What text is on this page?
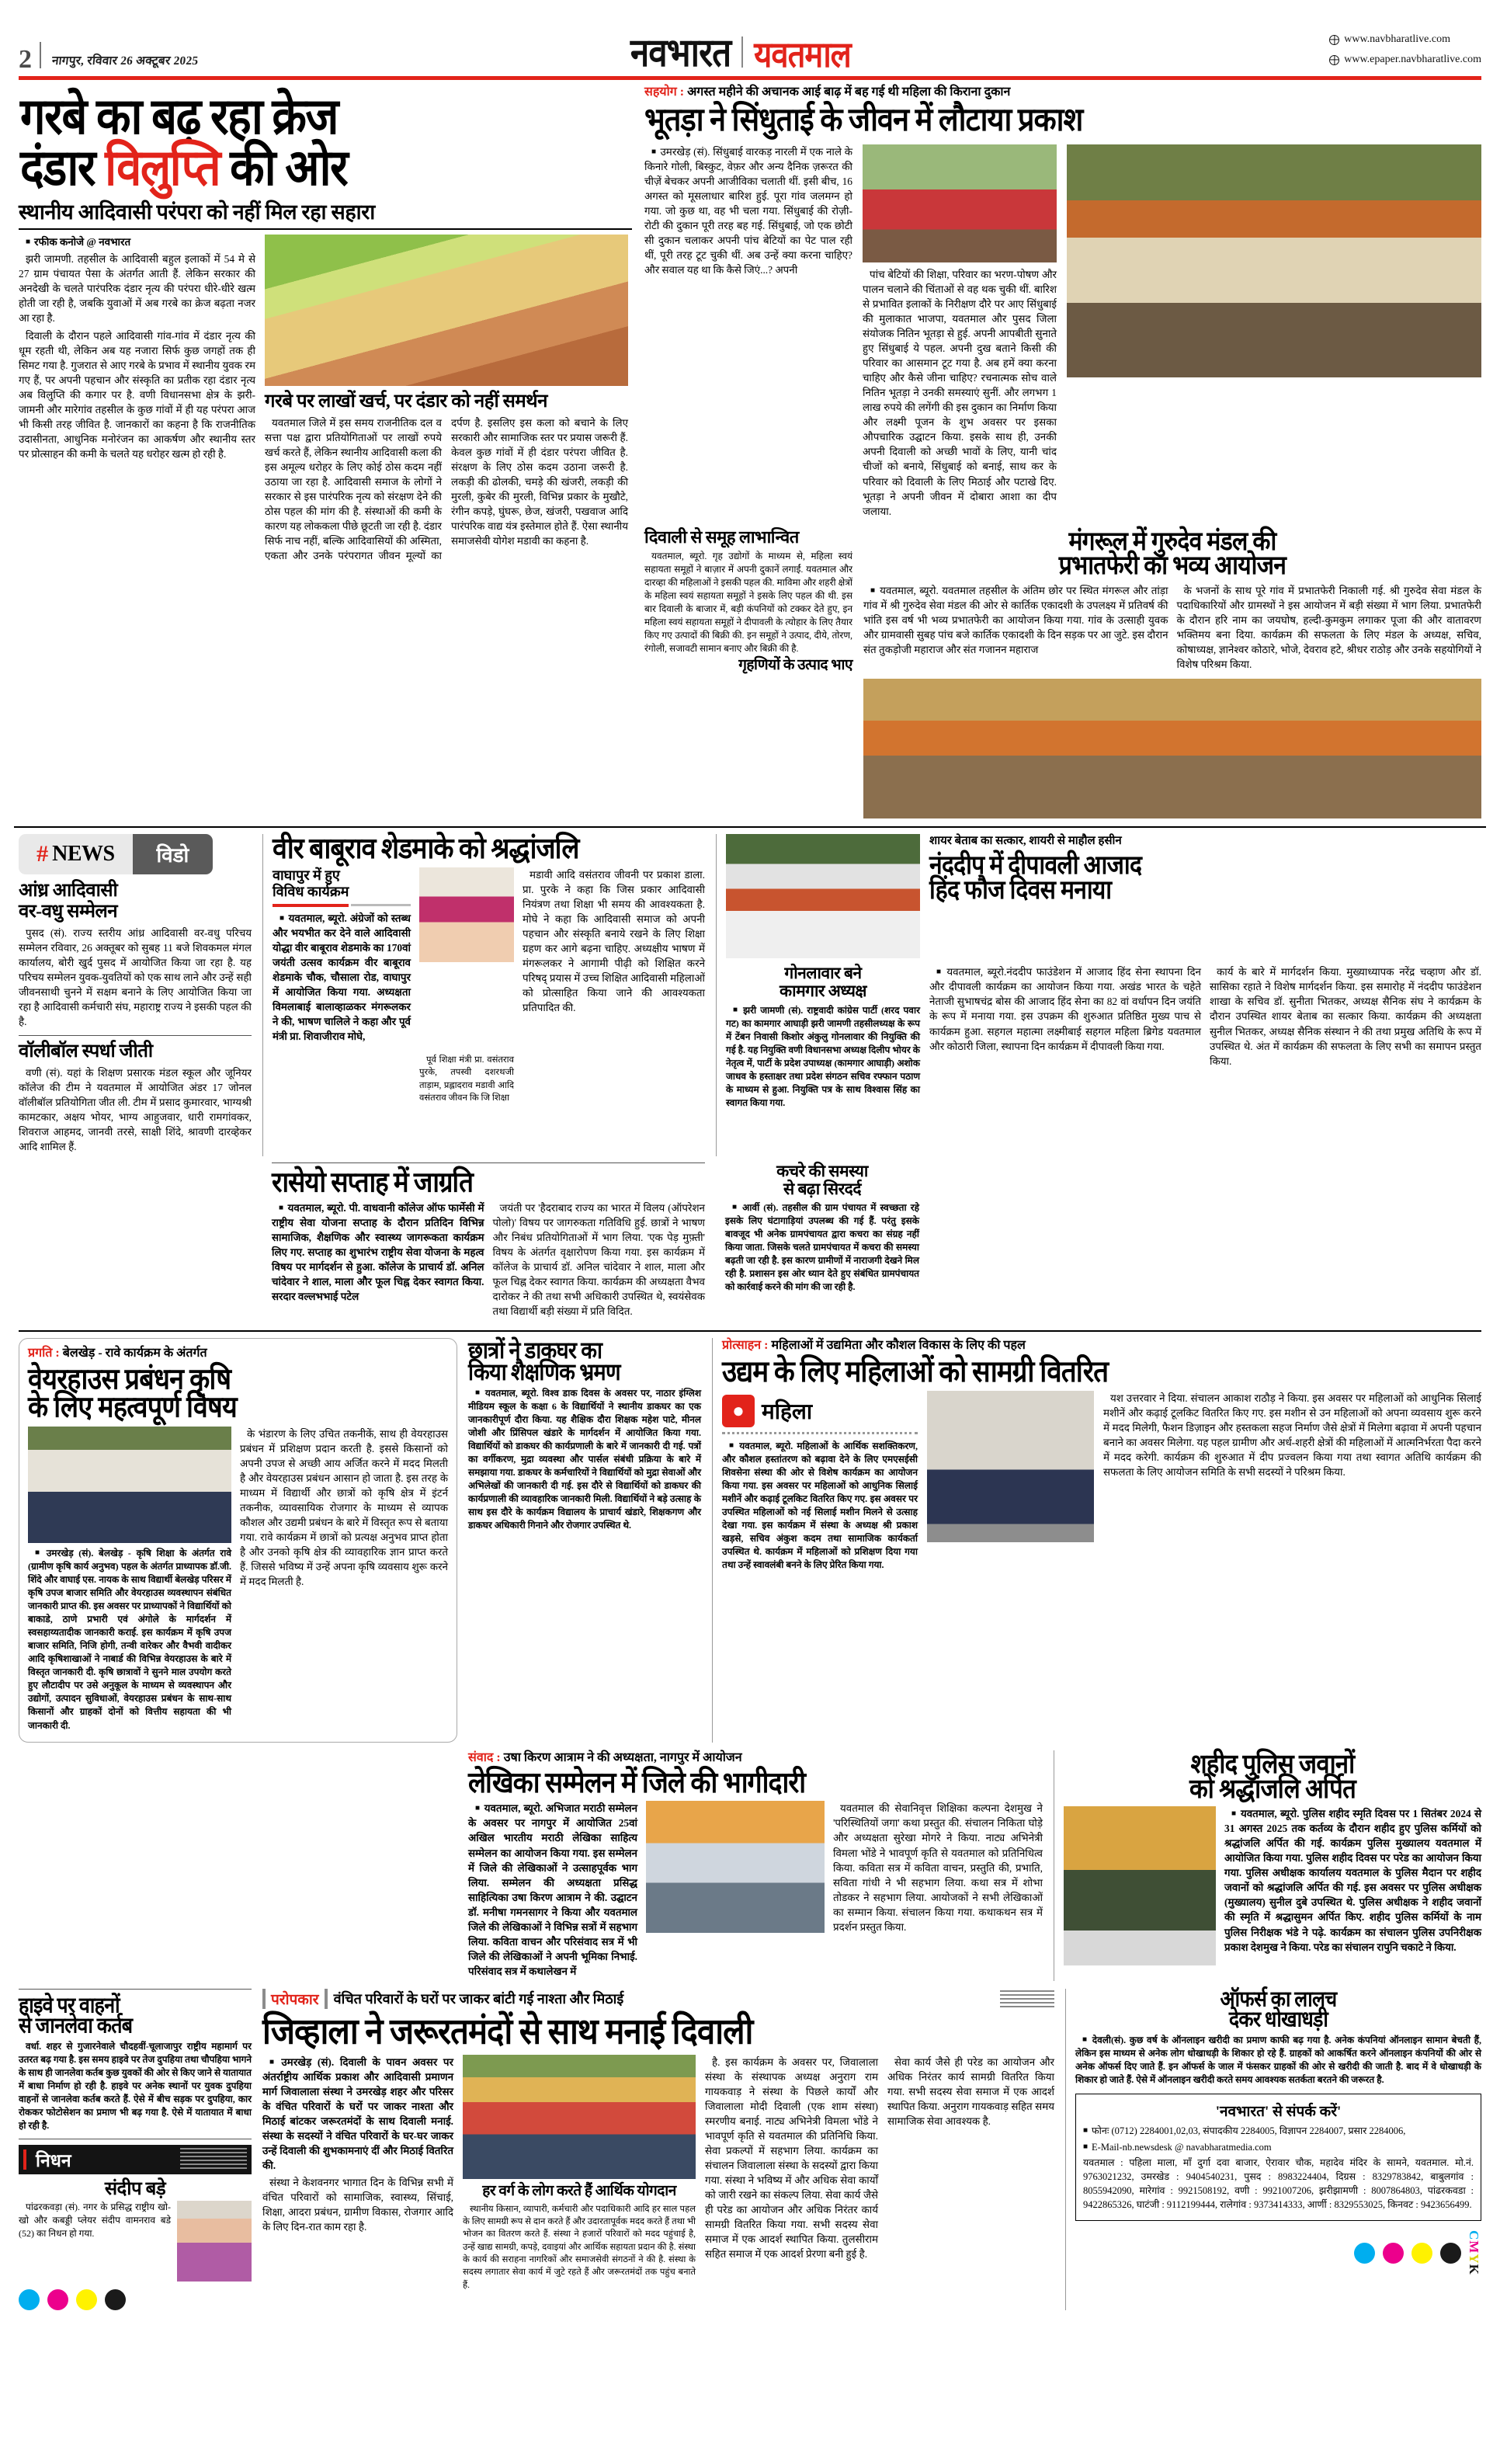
2 नागपुर, रविवार 26 अक्टूबर 2025	नवभारत यवतमाल	www.navbharatlive.com
www.epaper.navbharatlive.com
गरबे का बढ़ रहा क्रेज
दंडार विलुप्ति की ओर
स्थानीय आदिवासी परंपरा को नहीं मिल रहा सहारा

■ रफीक कनोजे @ नवभारत

झरी जामणी. तहसील के आदिवासी बहुल इलाकों में 54 मे से 27 ग्राम पंचायत पेसा के अंतर्गत आती हैं. लेकिन सरकार की अनदेखी के चलते पारंपरिक दंडार नृत्य की परंपरा धीरे-धीरे खत्म होती जा रही है, जबकि युवाओं में अब गरबे का क्रेज बढ़ता नजर आ रहा है.

दिवाली के दौरान पहले आदिवासी गांव-गांव में दंडार नृत्य की धूम रहती थी, लेकिन अब यह नजारा सिर्फ कुछ जगहों तक ही सिमट गया है. गुजरात से आए गरबे के प्रभाव में स्थानीय युवक रम गए हैं, पर अपनी पहचान और संस्कृति का प्रतीक रहा दंडार नृत्य अब विलुप्ति की कगार पर है. वणी विधानसभा क्षेत्र के झरी-जामनी और मारेगांव तहसील के कुछ गांवों में ही यह परंपरा आज भी किसी तरह जीवित है. जानकारों का कहना है कि राजनीतिक उदासीनता, आधुनिक मनोरंजन का आकर्षण और स्थानीय स्तर पर प्रोत्साहन की कमी के चलते यह धरोहर खत्म हो रही है.

गरबे पर लाखों खर्च, पर दंडार को नहीं समर्थन

यवतमाल जिले में इस समय राजनीतिक दल व सत्ता पक्ष द्वारा प्रतियोगिताओं पर लाखों रुपये खर्च करते हैं, लेकिन स्थानीय आदिवासी कला की इस अमूल्य धरोहर के लिए कोई ठोस कदम नहीं उठाया जा रहा है. आदिवासी समाज के लोगों ने सरकार से इस पारंपरिक नृत्य को संरक्षण देने की ठोस पहल की मांग की है. संस्थाओं की कमी के कारण यह लोककला पीछे छूटती जा रही है. दंडार सिर्फ नाच नहीं, बल्कि आदिवासियों की अस्मिता, एकता और उनके परंपरागत जीवन मूल्यों का दर्पण है. इसलिए इस कला को बचाने के लिए सरकारी और सामाजिक स्तर पर प्रयास जरूरी हैं. केवल कुछ गांवों में ही दंडार परंपरा जीवित है. संरक्षण के लिए ठोस कदम उठाना जरूरी है. लकड़ी की ढोलकी, चमड़े की खंजरी, लकड़ी की मुरली, कुबेर की मुरली, विभिन्न प्रकार के मुखौटे, रंगीन कपड़े, घुंघरू, छेज, खंजरी, पखवाज आदि पारंपरिक वाद्य यंत्र इस्तेमाल होते हैं. ऐसा स्थानीय समाजसेवी योगेश मडावी का कहना है.

सहयोग : अगस्त महीने की अचानक आई बाढ़ में बह गई थी महिला की किराना दुकान
भूतड़ा ने सिंधुताई के जीवन में लौटाया प्रकाश

■ उमरखेड़ (सं). सिंधुबाई वारकड़ नारली में एक नाले के किनारे गोली, बिस्कुट, वेफ़र और अन्य दैनिक ज़रूरत की चीज़ें बेचकर अपनी आजीविका चलाती थीं. इसी बीच, 16 अगस्त को मूसलाधार बारिश हुई. पूरा गांव जलमग्न हो गया. जो कुछ था, वह भी चला गया. सिंधुबाई की रोज़ी-रोटी की दुकान पूरी तरह बह गई. सिंधुबाई, जो एक छोटी सी दुकान चलाकर अपनी पांच बेटियों का पेट पाल रही थीं, पूरी तरह टूट चुकी थीं. अब उन्हें क्या करना चाहिए? और सवाल यह था कि कैसे जिएं...? अपनी	पांच बेटियों की शिक्षा, परिवार का भरण-पोषण और पालन चलाने की चिंताओं से वह थक चुकी थीं. बारिश से प्रभावित इलाकों के निरीक्षण दौरे पर आए सिंधुबाई की मुलाकात भाजपा, यवतमाल और पुसद जिला संयोजक नितिन भूतड़ा से हुई. अपनी आपबीती सुनाते हुए सिंधुबाई ये पहल. अपनी दुख बताने किसी की परिवार का आसमान टूट गया है. अब हमें क्या करना चाहिए और कैसे जीना चाहिए? रचनात्मक सोच वाले नितिन भूतड़ा ने उनकी समस्याएं सुनीं. और लगभग 1 लाख रुपये की लगेंगी की इस दुकान का निर्माण किया और लक्ष्मी पूजन के शुभ अवसर पर इसका औपचारिक उद्घाटन किया. इसके साथ ही, उनकी अपनी दिवाली को अच्छी भावों के लिए, यानी चांद चीजों को बनाये, सिंधुबाई को बनाई, साथ कर के परिवार को दिवाली के लिए मिठाई और पटाखे दिए. भूतड़ा ने अपनी जीवन में दोबारा आशा का दीप जलाया.

दिवाली से समूह लाभान्वित

यवतमाल, ब्यूरो. गृह उद्योगों के माध्यम से, महिला स्वयं सहायता समूहों ने बाज़ार में अपनी दुकानें लगाईं. यवतमाल और दारव्हा की महिलाओं ने इसकी पहल की. माविमा और शहरी क्षेत्रों के महिला स्वयं सहायता समूहों ने इसके लिए पहल की थी. इस बार दिवाली के बाजार में, बड़ी कंपनियों को टक्कर देते हुए, इन महिला स्वयं सहायता समूहों ने दीपावली के त्योहार के लिए तैयार किए गए उत्पादों की बिक्री की. इन समूहों ने उत्पाद, दीये, तोरण, रंगोली, सजावटी सामान बनाए और बिक्री की है.

गृहणियों के उत्पाद भाए
मंगरूल में गुरुदेव मंडल की
प्रभातफेरी का भव्य आयोजन

■ यवतमाल, ब्यूरो. यवतमाल तहसील के अंतिम छोर पर स्थित मंगरूल और तांड़ा गांव में श्री गुरुदेव सेवा मंडल की ओर से कार्तिक एकादशी के उपलक्ष्य में प्रतिवर्ष की भांति इस वर्ष भी भव्य प्रभातफेरी का आयोजन किया गया. गांव के उत्साही युवक और ग्रामवासी सुबह पांच बजे कार्तिक एकादशी के दिन सड़क पर आ जुटे. इस दौरान संत तुकड़ोजी महाराज और संत गजानन महाराज

के भजनों के साथ पूरे गांव में प्रभातफेरी निकाली गई. श्री गुरुदेव सेवा मंडल के पदाधिकारियों और ग्रामस्थों ने इस आयोजन में बड़ी संख्या में भाग लिया. प्रभातफेरी के दौरान हरि नाम का जयघोष, हल्दी-कुमकुम लगाकर पूजा की और वातावरण भक्तिमय बना दिया. कार्यक्रम की सफलता के लिए मंडल के अध्यक्ष, सचिव, कोषाध्यक्ष, ज्ञानेश्वर कोठारे, भोजे, देवराव हटे, श्रीधर राठोड़ और उनके सहयोगियों ने विशेष परिश्रम किया.

# NEWS	विडो
आंध्र आदिवासी
वर-वधु सम्मेलन

पुसद (सं). राज्य स्तरीय आंध्र आदिवासी वर-वधु परिचय सम्मेलन रविवार, 26 अक्तूबर को सुबह 11 बजे शिवकमल मंगल कार्यालय, बोरी खुर्द पुसद में आयोजित किया जा रहा है. यह परिचय सम्मेलन युवक-युवतियों को एक साथ लाने और उन्हें सही जीवनसाथी चुनने में सक्षम बनाने के लिए आयोजित किया जा रहा है आदिवासी कर्मचारी संघ, महाराष्ट्र राज्य ने इसकी पहल की है.

वॉलीबॉल स्पर्धा जीती

वणी (सं). यहां के शिक्षण प्रसारक मंडल स्कूल और जूनियर कॉलेज की टीम ने यवतमाल में आयोजित अंडर 17 जोनल वॉलीबॉल प्रतियोगिता जीत ली. टीम में प्रसाद कुमारवार, भाग्यश्री कामटकार, अक्षय भोयर, भाग्य आहुजवार, धारी रामगांवकर, शिवराज आहमद, जानवी तरसे, साक्षी शिंदे, श्रावणी दारव्हेकर आदि शामिल हैं.

वीर बाबूराव शेडमाके को श्रद्धांजलि
वाघापुर में हुए
विविध कार्यक्रम

■ यवतमाल, ब्यूरो. अंग्रेजों को स्तब्ध और भयभीत कर देने वाले आदिवासी योद्धा वीर बाबूराव शेडमाके का 170वां जयंती उत्सव कार्यक्रम वीर बाबूराव शेडमाके चौक, चौसाला रोड, वाघापुर में आयोजित किया गया. अध्यक्षता विमलाबाई बालाव्हाळकर मंगरूलकर ने की, भाषण चालिले ने कहा और पूर्व मंत्री प्रा. शिवाजीराव मोघे,

पूर्व शिक्षा मंत्री प्रा. वसंतराव पुरके, तपस्वी दशरथजी ताड़ाम, प्रह्लादराव मडावी आदि वसंतराव जीवन कि जि शिक्षा

मडावी आदि वसंतराव जीवनी पर प्रकाश डाला. प्रा. पुरके ने कहा कि जिस प्रकार आदिवासी नियंत्रण तथा शिक्षा भी समय की आवश्यकता है. मोघे ने कहा कि आदिवासी समाज को अपनी पहचान और संस्कृति बनाये रखने के लिए शिक्षा ग्रहण कर आगे बढ़ना चाहिए. अध्यक्षीय भाषण में मंगरूलकर ने आगामी पीढ़ी को शिक्षित करने परिषद् प्रयास में उच्च शिक्षित आदिवासी महिलाओं को प्रोत्साहित किया जाने की आवश्यकता प्रतिपादित की.

शायर बेताब का सत्कार, शायरी से माहौल हसीन
नंददीप में दीपावली आजाद
हिंद फौज दिवस मनाया
गोनलावार बने
कामगार अध्यक्ष

■ झरी जामणी (सं). राष्ट्रवादी कांग्रेस पार्टी (शरद पवार गट) का कामगार आघाड़ी झरी जामणी तहसीलध्यक्ष के रूप में टेंबन निवासी किशोर अंकुलु गोनलावार की नियुक्ति की गई है. यह नियुक्ति वणी विधानसभा अध्यक्ष दिलीप भोयर के नेतृत्व में, पार्टी के प्रदेश उपाध्यक्ष (कामगार आघाड़ी) अशोक जाधव के हस्ताक्षर तथा प्रदेश संगठन सचिव रफ्फान पठाण के माध्यम से हुआ. नियुक्ति पत्र के साथ विश्वास सिंह का स्वागत किया गया.

■ यवतमाल, ब्यूरो.नंददीप फाउंडेशन में आजाद हिंद सेना स्थापना दिन और दीपावली कार्यक्रम का आयोजन किया गया. अखंड भारत के चहेते नेताजी सुभाषचंद्र बोस की आजाद हिंद सेना का 82 वां वर्धापन दिन जयंति के रूप में मनाया गया. इस उपक्रम की शुरुआत प्रतिष्ठित मुख्य पाच से कार्यक्रम हुआ. सहगल महात्मा लक्ष्मीबाई सहगल महिला ब्रिगेड यवतमाल और कोठारी जिला, स्थापना दिन कार्यक्रम में दीपावली किया गया.

कार्य के बारे में मार्गदर्शन किया. मुख्याध्यापक नरेंद्र चव्हाण और डॉ. सासिका रहाते ने विशेष मार्गदर्शन किया. इस समारोह में नंददीप फाउंडेशन शाखा के सचिव डॉ. सुनीता भितकर, अध्यक्ष सैनिक संघ ने कार्यक्रम के दौरान उपस्थित शायर बेताब का सत्कार किया. कार्यक्रम की अध्यक्षता सुनील भितकर, अध्यक्ष सैनिक संस्थान ने की तथा प्रमुख अतिथि के रूप में उपस्थित थे. अंत में कार्यक्रम की सफलता के लिए सभी का समापन प्रस्तुत किया.

रासेयो सप्ताह में जाग्रति

■ यवतमाल, ब्यूरो. पी. वाधवानी कॉलेज ऑफ फार्मेसी में राष्ट्रीय सेवा योजना सप्ताह के दौरान प्रतिदिन विभिन्न सामाजिक, शैक्षणिक और स्वास्थ्य जागरूकता कार्यक्रम लिए गए. सप्ताह का शुभारंभ राष्ट्रीय सेवा योजना के महत्व विषय पर मार्गदर्शन से हुआ. कॉलेज के प्राचार्य डॉ. अनिल चांदेवार ने शाल, माला और फूल चिह्न देकर स्वागत किया. सरदार वल्लभभाई पटेल

जयंती पर 'हैदराबाद राज्य का भारत में विलय (ऑपरेशन पोलो)' विषय पर जागरुकता गतिविधि हुई. छात्रों ने भाषण और निबंध प्रतियोगिताओं में भाग लिया. 'एक पेड़ मुफ़्ती' विषय के अंतर्गत वृक्षारोपण किया गया. इस कार्यक्रम में कॉलेज के प्राचार्य डॉ. अनिल चांदेवार ने शाल, माला और फूल चिह्न देकर स्वागत किया. कार्यक्रम की अध्यक्षता वैभव दारोकर ने की तथा सभी अधिकारी उपस्थित थे, स्वयंसेवक तथा विद्यार्थी बड़ी संख्या में प्रति विदित.

कचरे की समस्या
से बढ़ा सिरदर्द

■ आर्वी (सं). तहसील की ग्राम पंचायत में स्वच्छता रहे इसके लिए घंटागाड़ियां उपलब्ध की गई हैं. परंतु इसके बावजूद भी अनेक ग्रामपंचायत द्वारा कचरा का संग्रह नहीं किया जाता. जिसके चलते ग्रामपंचायत में कचरा की समस्या बढ़ती जा रही है. इस कारण ग्रामीणों में नाराजगी देखने मिल रही है. प्रशासन इस ओर ध्यान देते हुए संबंधित ग्रामपंचायत को कार्रवाई करने की मांग की जा रही है.

प्रगति : बेलखेड़ - रावे कार्यक्रम के अंतर्गत
वेयरहाउस प्रबंधन कृषि
के लिए महत्वपूर्ण विषय

■ उमरखेड़ (सं). बेलखेड़ - कृषि शिक्षा के अंतर्गत रावे (ग्रामीण कृषि कार्य अनुभव) पहल के अंतर्गत प्राध्यापक डॉ.जी. शिंदे और वाघाई एस. नायक के साथ विद्यार्थी बेलखेड़ परिसर में कृषि उपज बाजार समिति और वेयरहाउस व्यवस्थापन संबंधित जानकारी प्राप्त की. इस अवसर पर प्राध्यापकों ने विद्यार्थियों को बाकाडे, ठाणे प्रभारी एवं अंगोले के मार्गदर्शन में स्वसहाय्यतादीक जानकारी कराई. इस कार्यक्रम में कृषि उपज बाजार समिति, निजि होगी, तन्वी वारेकर और वैभवी वादीकर आदि कृषिशाखाओं ने नाबार्ड की विभिन्न वेयरहाउस के बारे में विस्तृत जानकारी दी. कृषि छात्रावों ने सुनने माल उपयोग करते हुए लौटादीप पर उसे अनुकूल के माध्यम से व्यवस्थापन और उद्योगों, उत्पादन सुविधाओं, वेयरहाउस प्रबंधन के साथ-साथ किसानों और ग्राहकों दोनों को वित्तीय सहायता की भी जानकारी दी.

के भंडारण के लिए उचित तकनीकें, साथ ही वेयरहाउस प्रबंधन में प्रशिक्षण प्रदान करती है. इससे किसानों को अपनी उपज से अच्छी आय अर्जित करने में मदद मिलती है और वेयरहाउस प्रबंधन आसान हो जाता है. इस तरह के माध्यम में विद्यार्थी और छात्रों को कृषि क्षेत्र में इंटर्न तकनीक, व्यावसायिक रोजगार के माध्यम से व्यापक कौशल और उद्यमी प्रबंधन के बारे में विस्तृत रूप से बताया गया. रावे कार्यक्रम में छात्रों को प्रत्यक्ष अनुभव प्राप्त होता है और उनको कृषि क्षेत्र की व्यावहारिक ज्ञान प्राप्त करते हैं. जिससे भविष्य में उन्हें अपना कृषि व्यवसाय शुरू करने में मदद मिलती है.

छात्रों ने डाकघर का
किया शैक्षणिक भ्रमण

■ यवतमाल, ब्यूरो. विश्व डाक दिवस के अवसर पर, नाठार इंग्लिश मीडियम स्कूल के कक्षा 6 के विद्यार्थियों ने स्थानीय डाकघर का एक जानकारीपूर्ण दौरा किया. यह शैक्षिक दौरा शिक्षक महेश पाटे, मीनल जोशी और प्रिंसिपल खंडारे के मार्गदर्शन में आयोजित किया गया. विद्यार्थियों को डाकघर की कार्यप्रणाली के बारे में जानकारी दी गई. पत्रों का वर्गीकरण, मुद्रा व्यवस्था और पार्सल संबंधी प्रक्रिया के बारे में समझाया गया. डाकघर के कर्मचारियों ने विद्यार्थियों को मुद्रा सेवाओं और अभिलेखों की जानकारी दी गई. इस दौरे से विद्यार्थियों को डाकघर की कार्यप्रणाली की व्यावहारिक जानकारी मिली. विद्यार्थियों ने बड़े उत्साह के साथ इस दौरे के कार्यक्रम विद्यालय के प्राचार्य खंडारे, शिक्षकगण और डाकघर अधिकारी गिनाने और रोजगार उपस्थित थे.

प्रोत्साहन : महिलाओं में उद्यमिता और कौशल विकास के लिए की पहल
उद्यम के लिए महिलाओं को सामग्री वितरित
● महिला

■ यवतमाल, ब्यूरो. महिलाओं के आर्थिक सशक्तिकरण, और कौशल हस्तांतरण को बढ़ावा देने के लिए एमएसईसी शिवसेना संस्था की ओर से विशेष कार्यक्रम का आयोजन किया गया. इस अवसर पर महिलाओं को आधुनिक सिलाई मशीनें और कढ़ाई टूलकिट वितरित किए गए. इस अवसर पर उपस्थित महिलाओं को नई सिलाई मशीन मिलने से उत्साह देखा गया. इस कार्यक्रम में संस्था के अध्यक्ष श्री प्रकाश खड़से, सचिव अंकुश कदम तथा सामाजिक कार्यकर्ता उपस्थित थे. कार्यक्रम में महिलाओं को प्रशिक्षण दिया गया तथा उन्हें स्वावलंबी बनने के लिए प्रेरित किया गया.

यश उत्तरवार ने दिया. संचालन आकाश राठौड़ ने किया. इस अवसर पर महिलाओं को आधुनिक सिलाई मशीनें और कढ़ाई टूलकिट वितरित किए गए. इस मशीन से उन महिलाओं को अपना व्यवसाय शुरू करने में मदद मिलेगी, फैशन डिज़ाइन और हस्तकला सहज निर्माण जैसे क्षेत्रों में मिलेगा बढ़ावा में अपनी पहचान बनाने का अवसर मिलेगा. यह पहल ग्रामीण और अर्ध-शहरी क्षेत्रों की महिलाओं में आत्मनिर्भरता पैदा करने में मदद करेगी. कार्यक्रम की शुरुआत में दीप प्रज्वलन किया गया तथा स्वागत अतिथि कार्यक्रम की सफलता के लिए आयोजन समिति के सभी सदस्यों ने परिश्रम किया.

संवाद : उषा किरण आत्राम ने की अध्यक्षता, नागपुर में आयोजन
लेखिका सम्मेलन में जिले की भागीदारी

■ यवतमाल, ब्यूरो. अभिजात मराठी सम्मेलन के अवसर पर नागपुर में आयोजित 25वां अखिल भारतीय मराठी लेखिका साहित्य सम्मेलन का आयोजन किया गया. इस सम्मेलन में जिले की लेखिकाओं ने उत्साहपूर्वक भाग लिया. सम्मेलन की अध्यक्षता प्रसिद्ध साहित्यिका उषा किरण आत्राम ने की. उद्घाटन डॉ. मनीषा गमनसागर ने किया और यवतमाल जिले की लेखिकाओं ने विभिन्न सत्रों में सहभाग लिया. कविता वाचन और परिसंवाद सत्र में भी जिले की लेखिकाओं ने अपनी भूमिका निभाई. परिसंवाद सत्र में कथालेखन में

यवतमाल की सेवानिवृत्त शिक्षिका कल्पना देशमुख ने 'परिस्थितियों जगा' कथा प्रस्तुत की. संचालन निकिता घोड़े और अध्यक्षता सुरेखा मोगरे ने किया. नाट्य अभिनेत्री विमला भोंडे ने भावपूर्ण कृति से यवतमाल को प्रतिनिधित्व किया. कविता सत्र में कविता वाचन, प्रस्तुति की, प्रभाति, सविता गांधी ने भी सहभाग लिया. कथा सत्र में शोभा तोडकर ने सहभाग लिया. आयोजकों ने सभी लेखिकाओं का सम्मान किया. संचालन किया गया. कथाकथन सत्र में प्रदर्शन प्रस्तुत किया.

शहीद पुलिस जवानों
को श्रद्धांजलि अर्पित

■ यवतमाल, ब्यूरो. पुलिस शहीद स्मृति दिवस पर 1 सितंबर 2024 से 31 अगस्त 2025 तक कर्तव्य के दौरान शहीद हुए पुलिस कर्मियों को श्रद्धांजलि अर्पित की गई. कार्यक्रम पुलिस मुख्यालय यवतमाल में आयोजित किया गया. पुलिस शहीद दिवस पर परेड का आयोजन किया गया. पुलिस अधीक्षक कार्यालय यवतमाल के पुलिस मैदान पर शहीद जवानों को श्रद्धांजलि अर्पित की गई. इस अवसर पर पुलिस अधीक्षक (मुख्यालय) सुनील दुबे उपस्थित थे. पुलिस अधीक्षक ने शहीद जवानों की स्मृति में श्रद्धासुमन अर्पित किए. शहीद पुलिस कर्मियों के नाम पुलिस निरीक्षक भंडे ने पढ़े. कार्यक्रम का संचालन पुलिस उपनिरीक्षक प्रकाश देशमुख ने किया. परेड का संचालन रापुनि चकाटे ने किया.

हाइवे पर वाहनों
से जानलेवा कर्तब

वर्धा. शहर से गुजारनेवाले चौदहवीं-चूलाजापुर राष्ट्रीय महामार्ग पर उतरत बढ़ गया है. इस समय हाइवे पर तेज दुपहिया तथा चौपहिया भागने के साथ ही जानलेवा कर्तब कुछ युवकों की ओर से किए जाने से यातायात में बाधा निर्माण हो रही है. हाइवे पर अनेक स्थानों पर युवक दुपहिया वाहनों से जानलेवा कर्तब करते हैं. ऐसे में बीच सड़क पर दुपहिया, कार रोककर फोटोसेशन का प्रमाण भी बढ़ गया है. ऐसे में यातायात में बाधा हो रही है.

निधन
संदीप बड़े

पांढरकवड़ा (सं). नगर के प्रसिद्ध राष्ट्रीय खो-खो और कबड्डी प्लेयर संदीप वामनराव बडे (52) का निधन हो गया.

परोपकार	वंचित परिवारों के घरों पर जाकर बांटी गई नाश्ता और मिठाई
जिव्हाला ने जरूरतमंदों से साथ मनाई दिवाली

■ उमरखेड़ (सं). दिवाली के पावन अवसर पर अंतर्राष्ट्रीय आर्थिक प्रकाश और आदिवासी प्रमाणन मार्ग जिवालाला संस्था ने उमरखेड़ शहर और परिसर के वंचित परिवारों के घरों पर जाकर नाश्ता और मिठाई बांटकर जरूरतमंदों के साथ दिवाली मनाई. संस्था के सदस्यों ने वंचित परिवारों के घर-घर जाकर उन्हें दिवाली की शुभकामनाएं दीं और मिठाई वितरित की.

संस्था ने केशवनगर भागात दिन के विभिन्न सभी में वंचित परिवारों को सामाजिक, स्वास्थ्य, सिंचाई, शिक्षा, आदरा प्रबंधन, ग्रामीण विकास, रोजगार आदि के लिए दिन-रात काम रहा है.

हर वर्ग के लोग करते हैं आर्थिक योगदान

स्थानीय किसान, व्यापारी, कर्मचारी और पदाधिकारी आदि हर साल पहल के लिए सामग्री रूप से दान करते हैं और उदारतापूर्वक मदद करते हैं तथा भी भोजन का वितरण करते हैं. संस्था ने हजारों परिवारों को मदद पहुंचाई है, उन्हें खाद्य सामग्री, कपड़े, दवाइयां और आर्थिक सहायता प्रदान की है. संस्था के कार्य की सराहना नागरिकों और समाजसेवी संगठनों ने की है. संस्था के सदस्य लगातार सेवा कार्य में जुटे रहते हैं और जरूरतमंदों तक पहुंच बनाते हैं.

है. इस कार्यक्रम के अवसर पर, जिवालाला संस्था के संस्थापक अध्यक्ष अनुराग राम गायकवाड़ ने संस्था के पिछले कार्यों और जिवालाला मोदी दिवाली (एक शाम संस्था) स्मरणीय बनाई. नाट्य अभिनेत्री विमला भोंडे ने भावपूर्ण कृति से यवतमाल की प्रतिनिधि किया. सेवा प्रकल्पों में सहभाग लिया. कार्यक्रम का संचालन जिवालाला संस्था के सदस्यों द्वारा किया गया. संस्था ने भविष्य में और अधिक सेवा कार्यों को जारी रखने का संकल्प लिया. सेवा कार्य जैसे ही परेड का आयोजन और अधिक निरंतर कार्य सामग्री वितरित किया गया. सभी सदस्य सेवा समाज में एक आदर्श स्थापित किया. तुलसीराम सहित समाज में एक आदर्श प्रेरणा बनी हुई है.

सेवा कार्य जैसे ही परेड का आयोजन और अधिक निरंतर कार्य सामग्री वितरित किया गया. सभी सदस्य सेवा समाज में एक आदर्श स्थापित किया. अनुराग गायकवाड़ सहित समय सामाजिक सेवा आवश्यक है.

ऑफर्स का लालच
देकर धोखाधड़ी

■ देवली(सं). कुछ वर्ष के ऑनलाइन खरीदी का प्रमाण काफी बढ़ गया है. अनेक कंपनियां ऑनलाइन सामान बेचती हैं, लेकिन इस माध्यम से अनेक लोग धोखाधड़ी के शिकार हो रहे हैं. ग्राहकों को आकर्षित करने ऑनलाइन कंपनियों की ओर से अनेक ऑफर्स दिए जाते हैं. इन ऑफर्स के जाल में फंसकर ग्राहकों की ओर से खरीदी की जाती है. बाद में वे धोखाधड़ी के शिकार हो जाते हैं. ऐसे में ऑनलाइन खरीदी करते समय आवश्यक सतर्कता बरतने की जरूरत है.

'नवभारत' से संपर्क करें'

■ फोनः (0712) 2284001,02,03, संपादकीय 2284005, विज्ञापन 2284007, प्रसार 2284006,

■ E-Mail-nb.newsdesk @ navabharatmedia.com

यवतमाल : पहिला माला, माँ दुर्गा दवा बाजार, ऐरावार चौक, महादेव मंदिर के सामने, यवतमाल. मो.नं. 9763021232, उमरखेड : 9404540231, पुसद : 8983224404, दिग्रस : 8329783842, बाबुलगांव : 8055942090, मारेगांव : 9921508192, वणी : 9921007206, झरीझामणी : 8007864803, पांढरकवडा : 9422865326, घाटंजी : 9112199444, रालेगांव : 9373414333, आर्णी : 8329553025, किनवट : 9423656499.

CMYK
